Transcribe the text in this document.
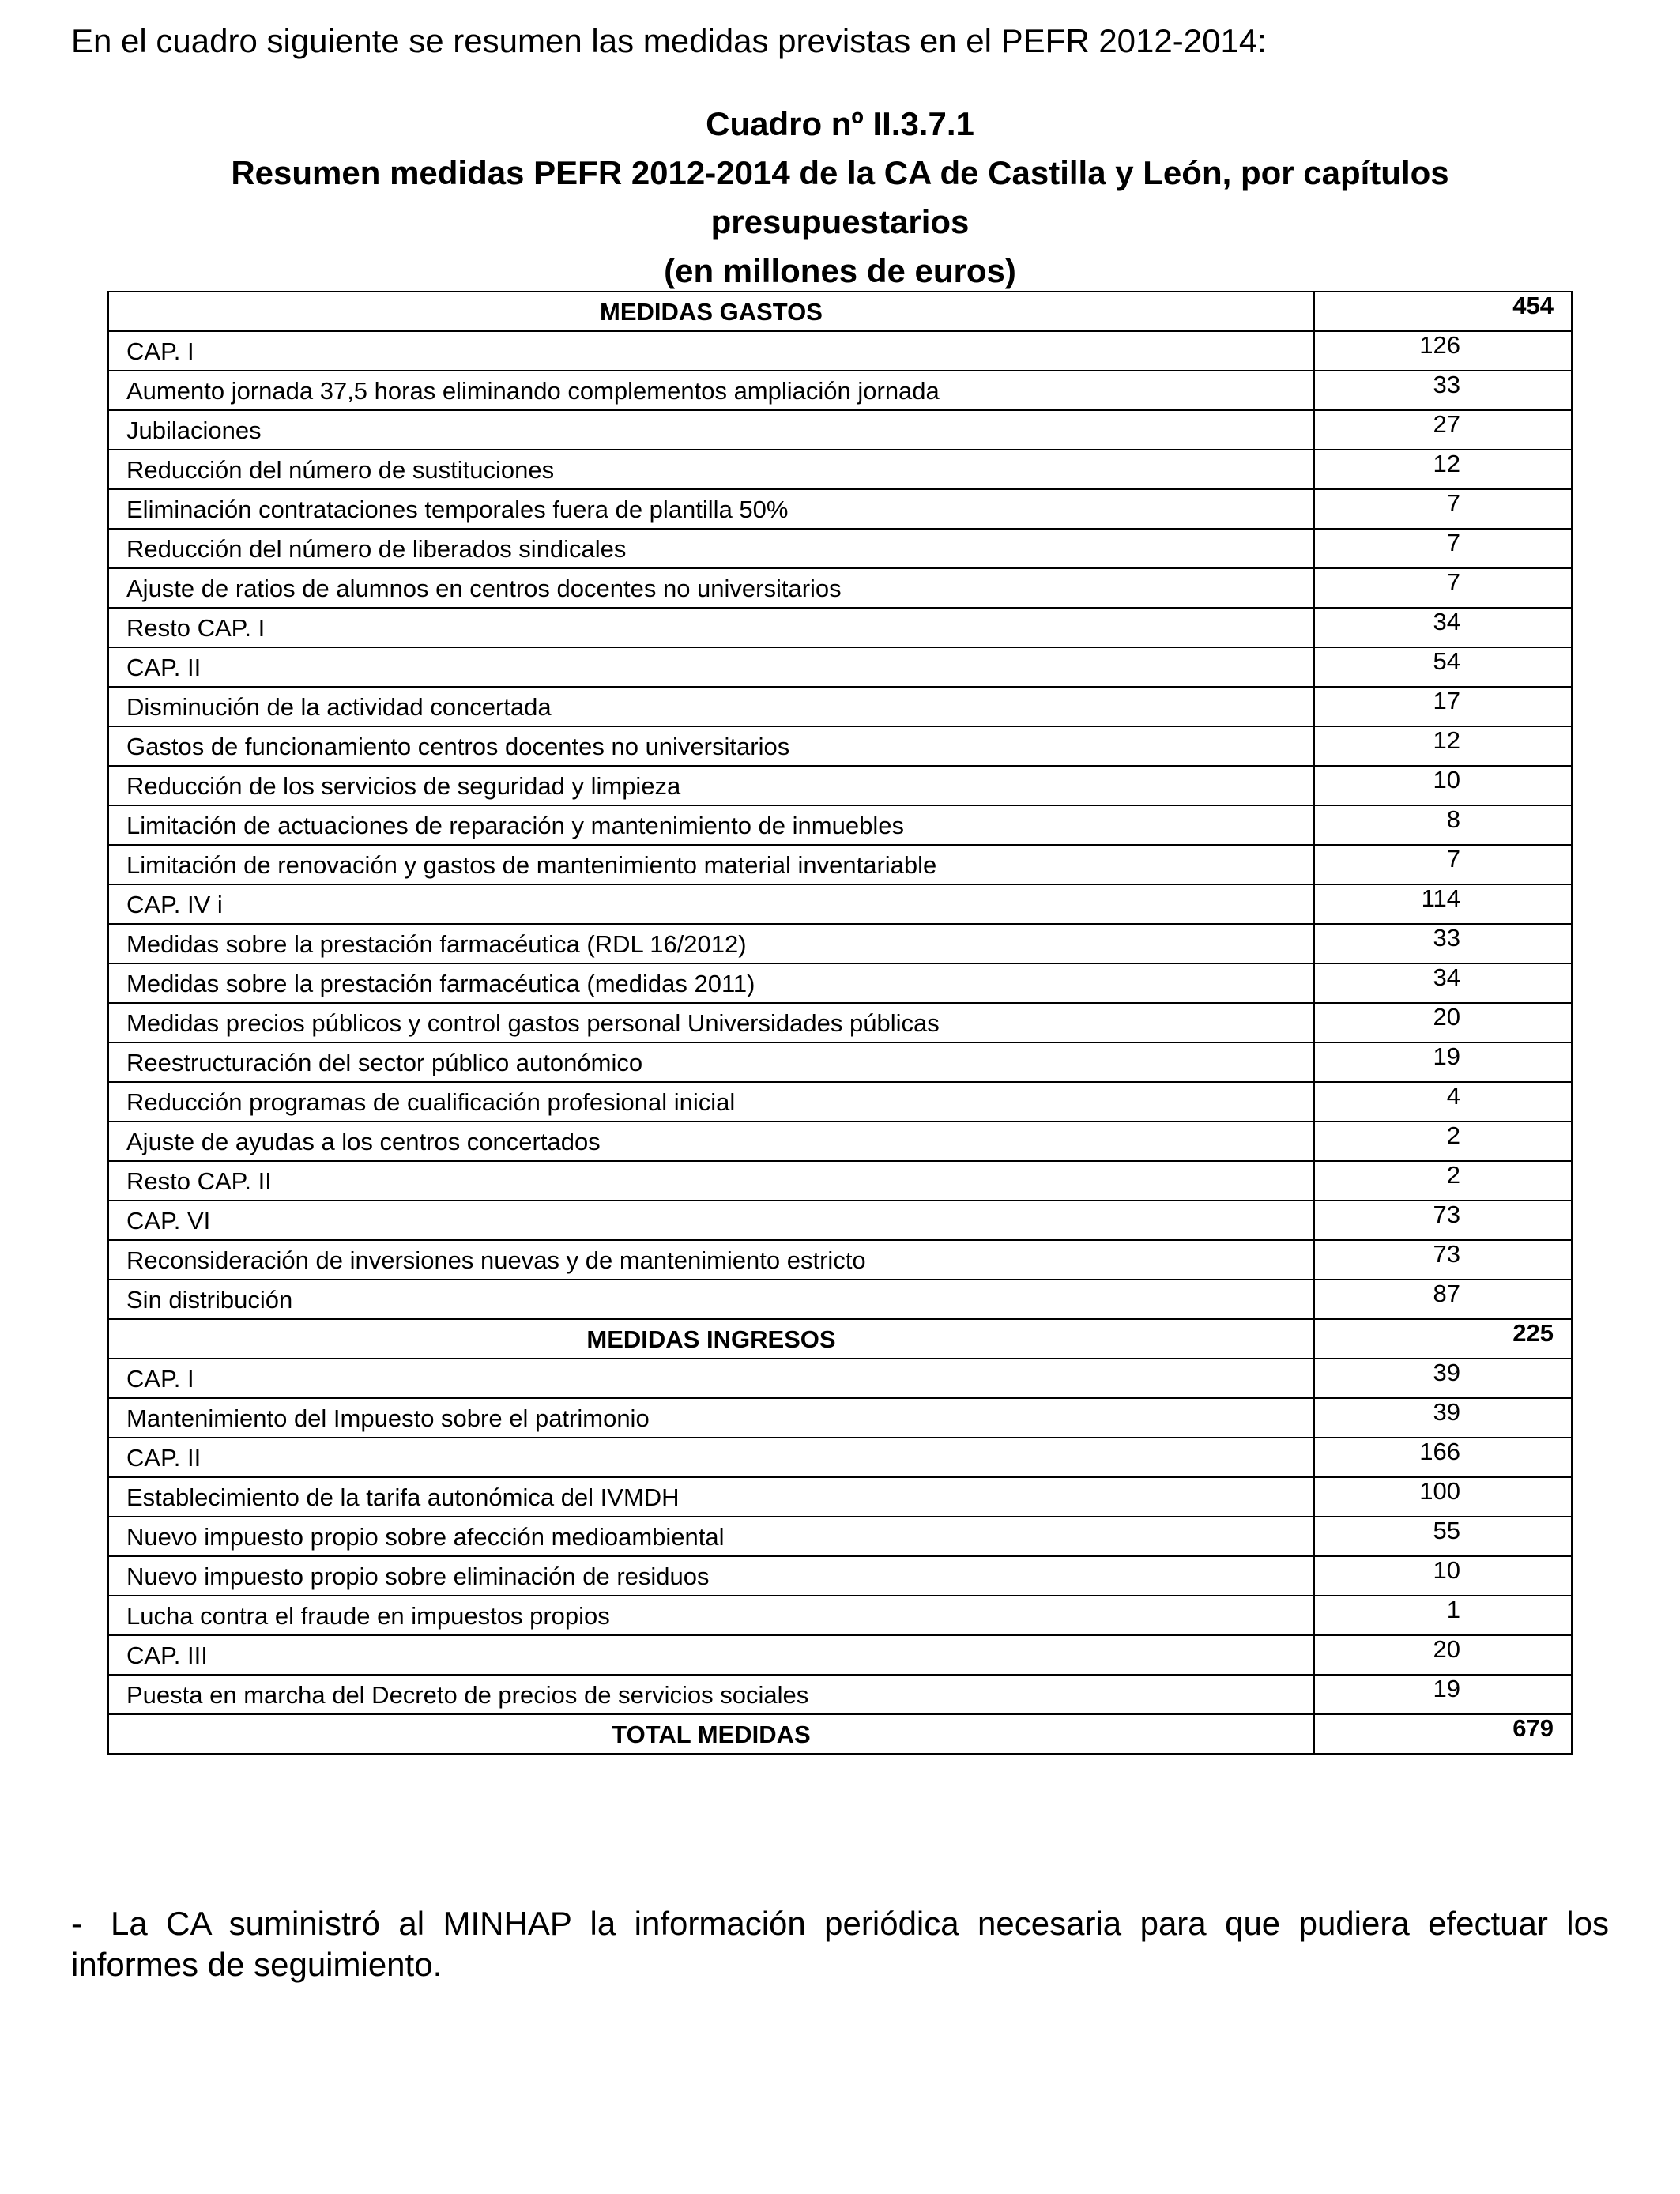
En el cuadro siguiente se resumen las medidas previstas en el PEFR 2012-2014:
Cuadro nº II.3.7.1
Resumen medidas PEFR 2012-2014 de la CA de Castilla y León, por capítulos
presupuestarios
(en millones de euros)
MEDIDAS GASTOS	454
CAP. I	126
Aumento jornada 37,5 horas eliminando complementos ampliación jornada	33
Jubilaciones	27
Reducción del número de sustituciones	12
Eliminación contrataciones temporales fuera de plantilla 50%	7
Reducción del número de liberados sindicales	7
Ajuste de ratios de alumnos en centros docentes no universitarios	7
Resto CAP. I	34
CAP. II	54
Disminución de la actividad concertada	17
Gastos de funcionamiento centros docentes no universitarios	12
Reducción de los servicios de seguridad y limpieza	10
Limitación de actuaciones de reparación y mantenimiento de inmuebles	8
Limitación de renovación y gastos de mantenimiento material inventariable	7
CAP. IV i	114
Medidas sobre la prestación farmacéutica (RDL 16/2012)	33
Medidas sobre la prestación farmacéutica (medidas 2011)	34
Medidas precios públicos y control gastos personal Universidades públicas	20
Reestructuración del sector público autonómico	19
Reducción programas de cualificación profesional inicial	4
Ajuste de ayudas a los centros concertados	2
Resto CAP. II	2
CAP. VI	73
Reconsideración de inversiones nuevas y de mantenimiento estricto	73
Sin distribución	87
MEDIDAS INGRESOS	225
CAP. I	39
Mantenimiento del Impuesto sobre el patrimonio	39
CAP. II	166
Establecimiento de la tarifa autonómica del IVMDH	100
Nuevo impuesto propio sobre afección medioambiental	55
Nuevo impuesto propio sobre eliminación de residuos	10
Lucha contra el fraude en impuestos propios	1
CAP. III	20
Puesta en marcha del Decreto de precios de servicios sociales	19
TOTAL MEDIDAS	679
- La CA suministró al MINHAP la información periódica necesaria para que pudiera efectuar los informes de seguimiento.
